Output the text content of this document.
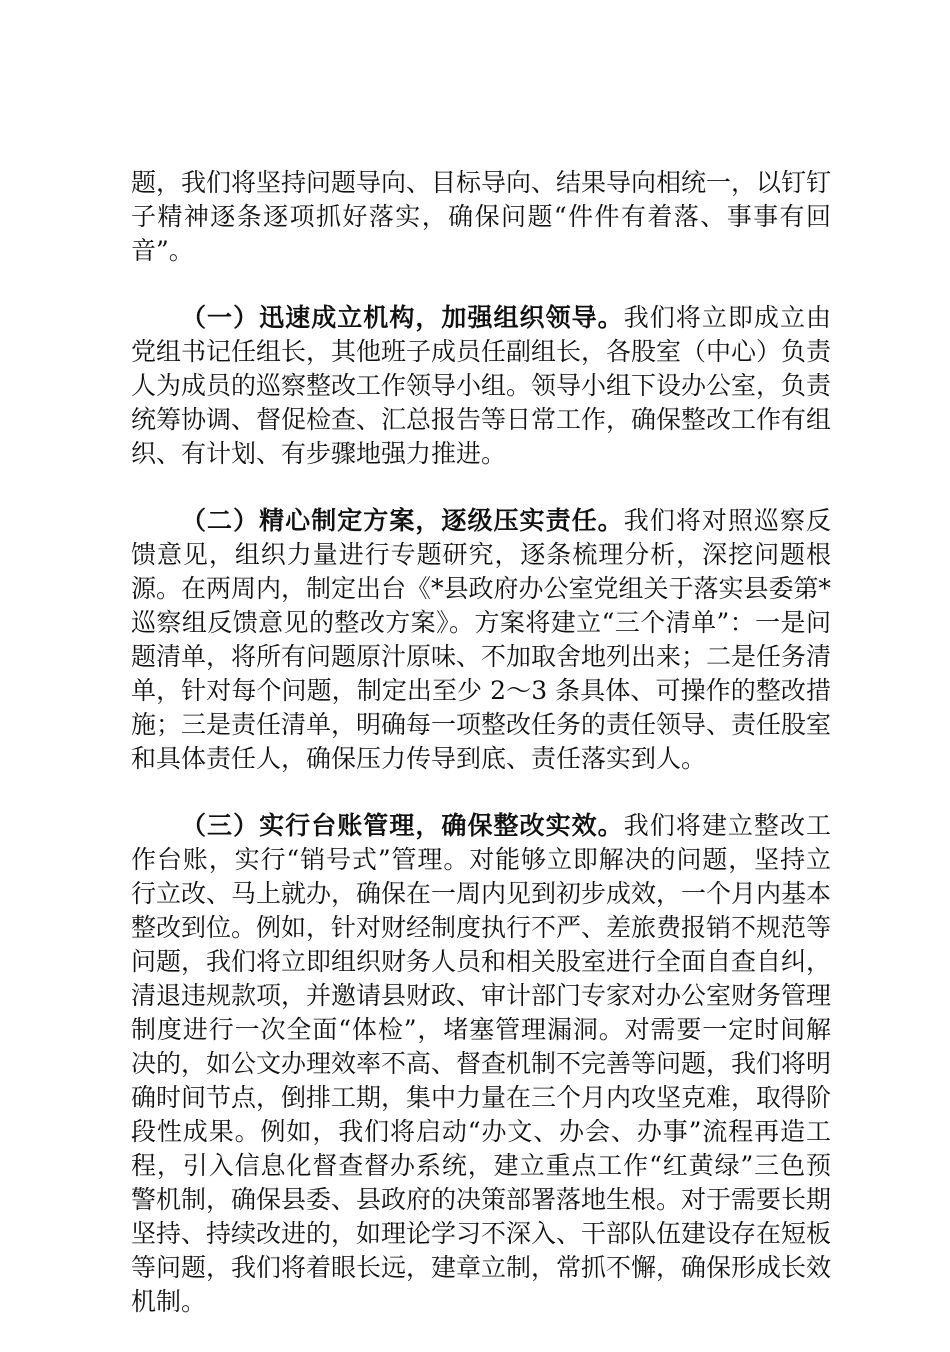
题，我们将坚持问题导向、目标导向、结果导向相统一，以钉钉子精神逐条逐项抓好落实，确保问题“件件有着落、事事有回音”。

（一）迅速成立机构，加强组织领导。我们将立即成立由党组书记任组长，其他班子成员任副组长，各股室（中心）负责人为成员的巡察整改工作领导小组。领导小组下设办公室，负责统筹协调、督促检查、汇总报告等日常工作，确保整改工作有组织、有计划、有步骤地强力推进。

（二）精心制定方案，逐级压实责任。我们将对照巡察反馈意见，组织力量进行专题研究，逐条梳理分析，深挖问题根源。在两周内，制定出台《*县政府办公室党组关于落实县委第*巡察组反馈意见的整改方案》。方案将建立“三个清单”：一是问题清单，将所有问题原汁原味、不加取舍地列出来；二是任务清单，针对每个问题，制定出至少 2～3 条具体、可操作的整改措施；三是责任清单，明确每一项整改任务的责任领导、责任股室和具体责任人，确保压力传导到底、责任落实到人。

（三）实行台账管理，确保整改实效。我们将建立整改工作台账，实行“销号式”管理。对能够立即解决的问题，坚持立行立改、马上就办，确保在一周内见到初步成效，一个月内基本整改到位。例如，针对财经制度执行不严、差旅费报销不规范等问题，我们将立即组织财务人员和相关股室进行全面自查自纠，清退违规款项，并邀请县财政、审计部门专家对办公室财务管理制度进行一次全面“体检”，堵塞管理漏洞。对需要一定时间解决的，如公文办理效率不高、督查机制不完善等问题，我们将明确时间节点，倒排工期，集中力量在三个月内攻坚克难，取得阶段性成果。例如，我们将启动“办文、办会、办事”流程再造工程，引入信息化督查督办系统，建立重点工作“红黄绿”三色预警机制，确保县委、县政府的决策部署落地生根。对于需要长期坚持、持续改进的，如理论学习不深入、干部队伍建设存在短板等问题，我们将着眼长远，建章立制，常抓不懈，确保形成长效机制。
